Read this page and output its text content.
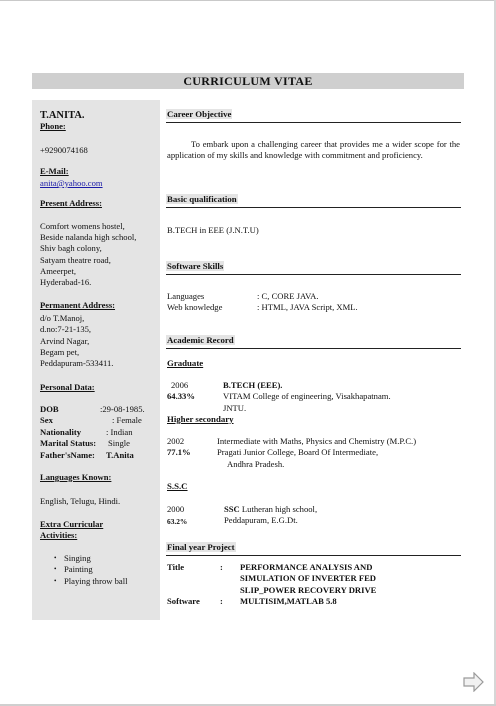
CURRICULUM VITAE
T.ANITA.
Phone:
+9290074168
E-Mail:
anita@yahoo.com
Present Address:
Comfort womens hostel,
Beside nalanda high school,
Shiv bagh colony,
Satyam theatre road,
Ameerpet,
Hyderabad-16.
Permanent Address:
d/o T.Manoj,
d.no:7-21-135,
Arvind Nagar,
Begam pet,
Peddapuram-533411.
Personal Data:
DOB	:29-08-1985.
Sex	: Female
Nationality	: Indian
Marital Status: Single
Father'sName: T.Anita
Languages Known:
English, Telugu, Hindi.
Extra Curricular
Activities:
• Singing
• Painting
• Playing throw ball
Career Objective
To embark upon a challenging career that provides me a wider scope for the application of my skills and knowledge with commitment and proficiency.
Basic qualification
B.TECH in EEE (J.N.T.U)
Software Skills
Languages	: C, CORE JAVA.
Web knowledge	: HTML, JAVA Script, XML.
Academic Record
Graduate
2006	B.TECH (EEE).
64.33%	VITAM College of engineering, Visakhapatnam.
JNTU.
Higher secondary
2002	Intermediate with Maths, Physics and Chemistry (M.P.C.)
77.1%	Pragati Junior College, Board Of Intermediate,
Andhra Pradesh.
S.S.C
2000	SSC Lutheran high school,
63.2%	Peddapuram, E.G.Dt.
Final year Project
Title	: PERFORMANCE ANALYSIS AND
SIMULATION OF INVERTER FED
SLIP_POWER RECOVERY DRIVE
Software : MULTISIM,MATLAB 5.8
